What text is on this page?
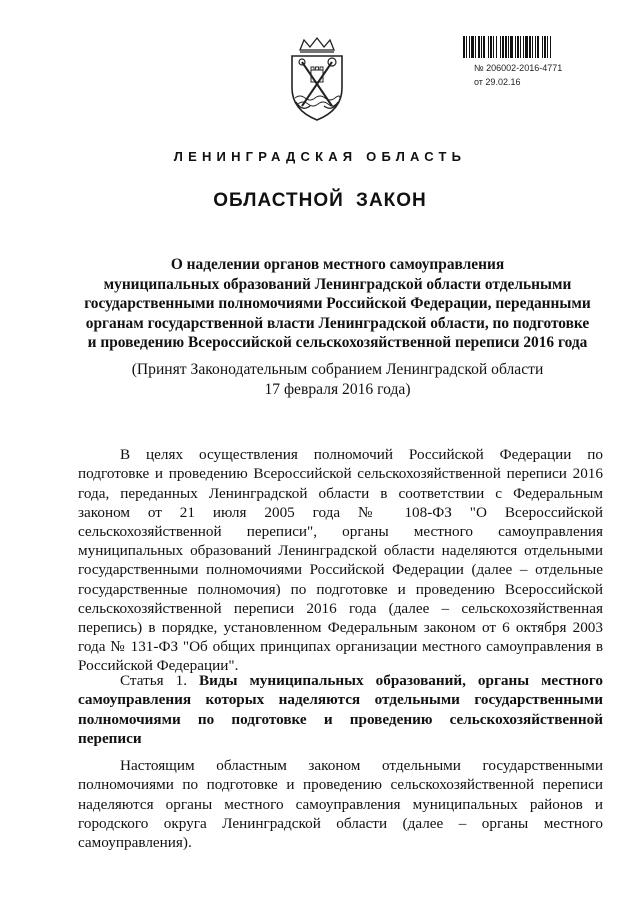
№ 206002-2016-4771
от 29.02.16
ЛЕНИНГРАДСКАЯ ОБЛАСТЬ
ОБЛАСТНОЙ ЗАКОН
О наделении органов местного самоуправления
муниципальных образований Ленинградской области отдельными
государственными полномочиями Российской Федерации, переданными
органам государственной власти Ленинградской области, по подготовке
и проведению Всероссийской сельскохозяйственной переписи 2016 года
(Принят Законодательным собранием Ленинградской области
17 февраля 2016 года)

В целях осуществления полномочий Российской Федерации по подготовке и проведению Всероссийской сельскохозяйственной переписи 2016 года, переданных Ленинградской области в соответствии с Федеральным законом от 21 июля 2005 года № 108-ФЗ "О Всероссийской сельскохозяйственной переписи", органы местного самоуправления муниципальных образований Ленинградской области наделяются отдельными государственными полномочиями Российской Федерации (далее – отдельные государственные полномочия) по подготовке и проведению Всероссийской сельскохозяйственной переписи 2016 года (далее – сельскохозяйственная перепись) в порядке, установленном Федеральным законом от 6 октября 2003 года № 131-ФЗ "Об общих принципах организации местного самоуправления в Российской Федерации".

Статья 1. Виды муниципальных образований, органы местного самоуправления которых наделяются отдельными государственными полномочиями по подготовке и проведению сельскохозяйственной переписи

Настоящим областным законом отдельными государственными полномочиями по подготовке и проведению сельскохозяйственной переписи наделяются органы местного самоуправления муниципальных районов и городского округа Ленинградской области (далее – органы местного самоуправления).
